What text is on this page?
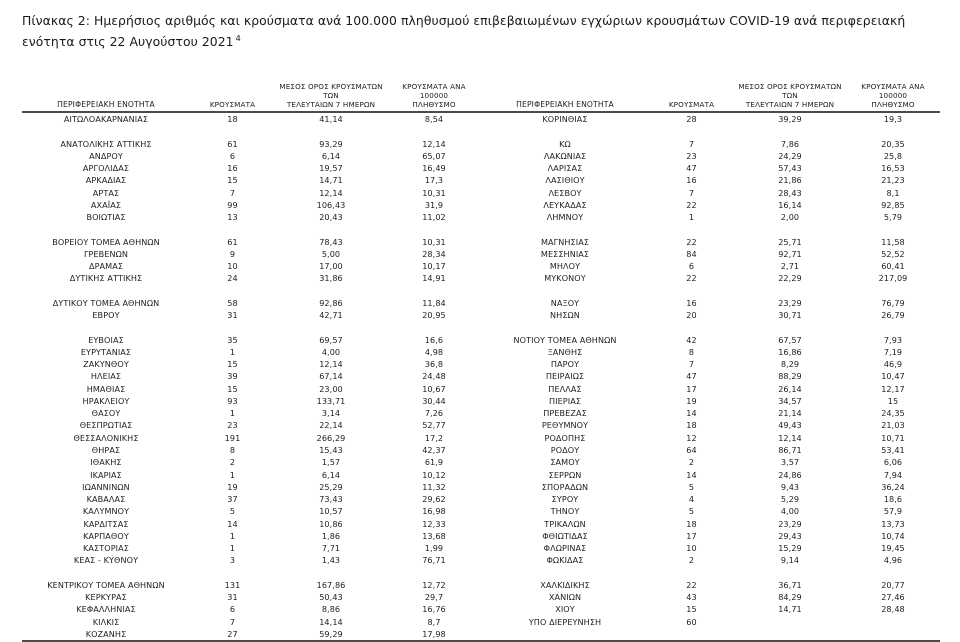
Πίνακας 2: Ημερήσιος αριθμός και κρούσματα ανά 100.000 πληθυσμού επιβεβαιωμένων εγχώριων κρουσμάτων COVID-19 ανά περιφερειακή ενότητα στις 22 Αυγούστου 2021 $^4$
ΠΕΡΙΦΕΡΕΙΑΚΗ ΕΝΟΤΗΤΑ	ΚΡΟΥΣΜΑΤΑ	ΜΕΣΟΣ ΟΡΟΣ ΚΡΟΥΣΜΑΤΩΝ ΤΩΝ
ΤΕΛΕΥΤΑΙΩΝ 7 ΗΜΕΡΩΝ	ΚΡΟΥΣΜΑΤΑ ΑΝΑ 100000
ΠΛΗΘΥΣΜΟ	ΠΕΡΙΦΕΡΕΙΑΚΗ ΕΝΟΤΗΤΑ	ΚΡΟΥΣΜΑΤΑ	ΜΕΣΟΣ ΟΡΟΣ ΚΡΟΥΣΜΑΤΩΝ ΤΩΝ
ΤΕΛΕΥΤΑΙΩΝ 7 ΗΜΕΡΩΝ	ΚΡΟΥΣΜΑΤΑ ΑΝΑ 100000
ΠΛΗΘΥΣΜΟ
ΑΙΤΩΛΟΑΚΑΡΝΑΝΙΑΣ	18	41,14	8,54	ΚΟΡΙΝΘΙΑΣ	28	39,29	19,3

ΑΝΑΤΟΛΙΚΗΣ ΑΤΤΙΚΗΣ	61	93,29	12,14	ΚΩ	7	7,86	20,35
ΑΝΔΡΟΥ	6	6,14	65,07	ΛΑΚΩΝΙΑΣ	23	24,29	25,8
ΑΡΓΟΛΙΔΑΣ	16	19,57	16,49	ΛΑΡΙΣΑΣ	47	57,43	16,53
ΑΡΚΑΔΙΑΣ	15	14,71	17,3	ΛΑΣΙΘΙΟΥ	16	21,86	21,23
ΑΡΤΑΣ	7	12,14	10,31	ΛΕΣΒΟΥ	7	28,43	8,1
ΑΧΑΪΑΣ	99	106,43	31,9	ΛΕΥΚΑΔΑΣ	22	16,14	92,85
ΒΟΙΩΤΙΑΣ	13	20,43	11,02	ΛΗΜΝΟΥ	1	2,00	5,79

ΒΟΡΕΙΟΥ ΤΟΜΕΑ ΑΘΗΝΩΝ	61	78,43	10,31	ΜΑΓΝΗΣΙΑΣ	22	25,71	11,58
ΓΡΕΒΕΝΩΝ	9	5,00	28,34	ΜΕΣΣΗΝΙΑΣ	84	92,71	52,52
ΔΡΑΜΑΣ	10	17,00	10,17	ΜΗΛΟΥ	6	2,71	60,41
ΔΥΤΙΚΗΣ ΑΤΤΙΚΗΣ	24	31,86	14,91	ΜΥΚΟΝΟΥ	22	22,29	217,09

ΔΥΤΙΚΟΥ ΤΟΜΕΑ ΑΘΗΝΩΝ	58	92,86	11,84	ΝΑΞΟΥ	16	23,29	76,79
ΕΒΡΟΥ	31	42,71	20,95	ΝΗΣΩΝ	20	30,71	26,79

ΕΥΒΟΙΑΣ	35	69,57	16,6	ΝΟΤΙΟΥ ΤΟΜΕΑ ΑΘΗΝΩΝ	42	67,57	7,93
ΕΥΡΥΤΑΝΙΑΣ	1	4,00	4,98	ΞΑΝΘΗΣ	8	16,86	7,19
ΖΑΚΥΝΘΟΥ	15	12,14	36,8	ΠΑΡΟΥ	7	8,29	46,9
ΗΛΕΙΑΣ	39	67,14	24,48	ΠΕΙΡΑΙΩΣ	47	88,29	10,47
ΗΜΑΘΙΑΣ	15	23,00	10,67	ΠΕΛΛΑΣ	17	26,14	12,17
ΗΡΑΚΛΕΙΟΥ	93	133,71	30,44	ΠΙΕΡΙΑΣ	19	34,57	15
ΘΑΣΟΥ	1	3,14	7,26	ΠΡΕΒΕΖΑΣ	14	21,14	24,35
ΘΕΣΠΡΩΤΙΑΣ	23	22,14	52,77	ΡΕΘΥΜΝΟΥ	18	49,43	21,03
ΘΕΣΣΑΛΟΝΙΚΗΣ	191	266,29	17,2	ΡΟΔΟΠΗΣ	12	12,14	10,71
ΘΗΡΑΣ	8	15,43	42,37	ΡΟΔΟΥ	64	86,71	53,41
ΙΘΑΚΗΣ	2	1,57	61,9	ΣΑΜΟΥ	2	3,57	6,06
ΙΚΑΡΙΑΣ	1	6,14	10,12	ΣΕΡΡΩΝ	14	24,86	7,94
ΙΩΑΝΝΙΝΩΝ	19	25,29	11,32	ΣΠΟΡΑΔΩΝ	5	9,43	36,24
ΚΑΒΑΛΑΣ	37	73,43	29,62	ΣΥΡΟΥ	4	5,29	18,6
ΚΑΛΥΜΝΟΥ	5	10,57	16,98	ΤΗΝΟΥ	5	4,00	57,9
ΚΑΡΔΙΤΣΑΣ	14	10,86	12,33	ΤΡΙΚΑΛΩΝ	18	23,29	13,73
ΚΑΡΠΑΘΟΥ	1	1,86	13,68	ΦΘΙΩΤΙΔΑΣ	17	29,43	10,74
ΚΑΣΤΟΡΙΑΣ	1	7,71	1,99	ΦΛΩΡΙΝΑΣ	10	15,29	19,45
ΚΕΑΣ - ΚΥΘΝΟΥ	3	1,43	76,71	ΦΩΚΙΔΑΣ	2	9,14	4,96

ΚΕΝΤΡΙΚΟΥ ΤΟΜΕΑ ΑΘΗΝΩΝ	131	167,86	12,72	ΧΑΛΚΙΔΙΚΗΣ	22	36,71	20,77
ΚΕΡΚΥΡΑΣ	31	50,43	29,7	ΧΑΝΙΩΝ	43	84,29	27,46
ΚΕΦΑΛΛΗΝΙΑΣ	6	8,86	16,76	ΧΙΟΥ	15	14,71	28,48
ΚΙΛΚΙΣ	7	14,14	8,7	ΥΠΟ ΔΙΕΡΕΥΝΗΣΗ	60		
ΚΟΖΑΝΗΣ	27	59,29	17,98				
